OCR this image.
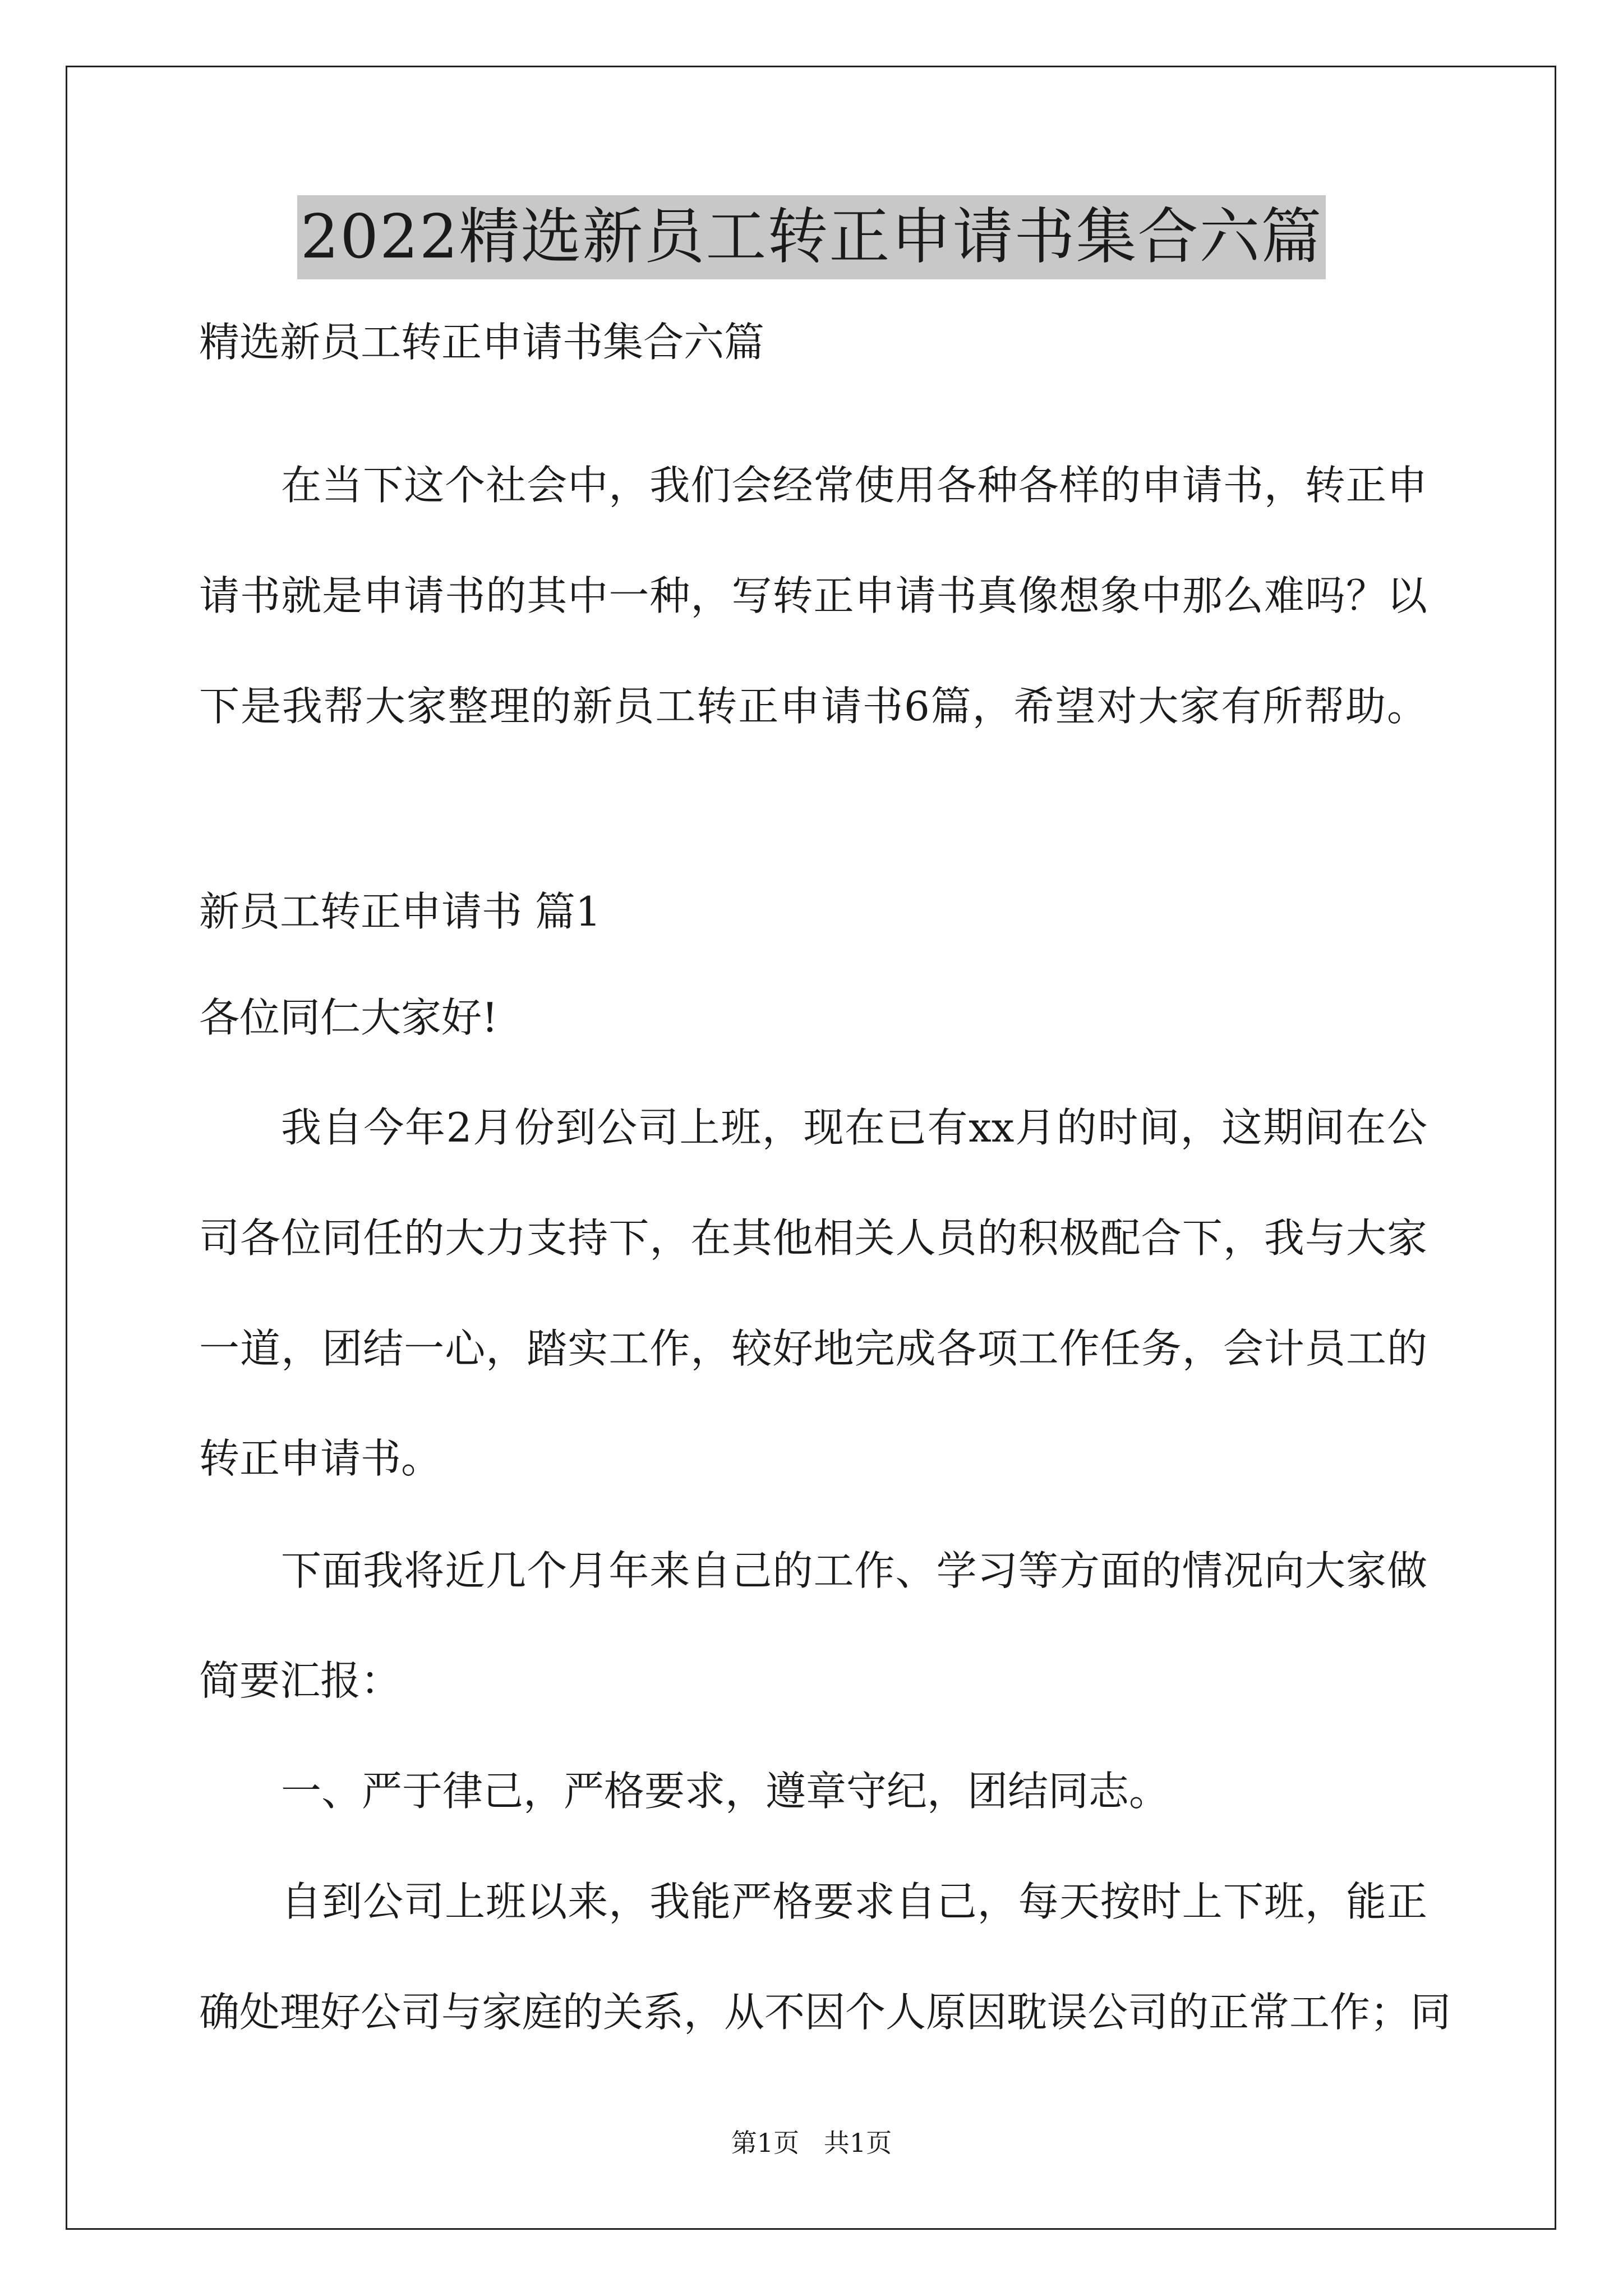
2022精选新员工转正申请书集合六篇
精选新员工转正申请书集合六篇
在当下这个社会中，我们会经常使用各种各样的申请书，转正申
请书就是申请书的其中一种，写转正申请书真像想象中那么难吗？以
下是我帮大家整理的新员工转正申请书6篇，希望对大家有所帮助。
新员工转正申请书 篇1
各位同仁大家好!
我自今年2月份到公司上班，现在已有xx月的时间，这期间在公
司各位同任的大力支持下，在其他相关人员的积极配合下，我与大家
一道，团结一心，踏实工作，较好地完成各项工作任务，会计员工的
转正申请书。
下面我将近几个月年来自己的工作、学习等方面的情况向大家做
简要汇报：
一、严于律己，严格要求，遵章守纪，团结同志。
自到公司上班以来，我能严格要求自己，每天按时上下班，能正
确处理好公司与家庭的关系，从不因个人原因耽误公司的正常工作；同
第1页   共1页
